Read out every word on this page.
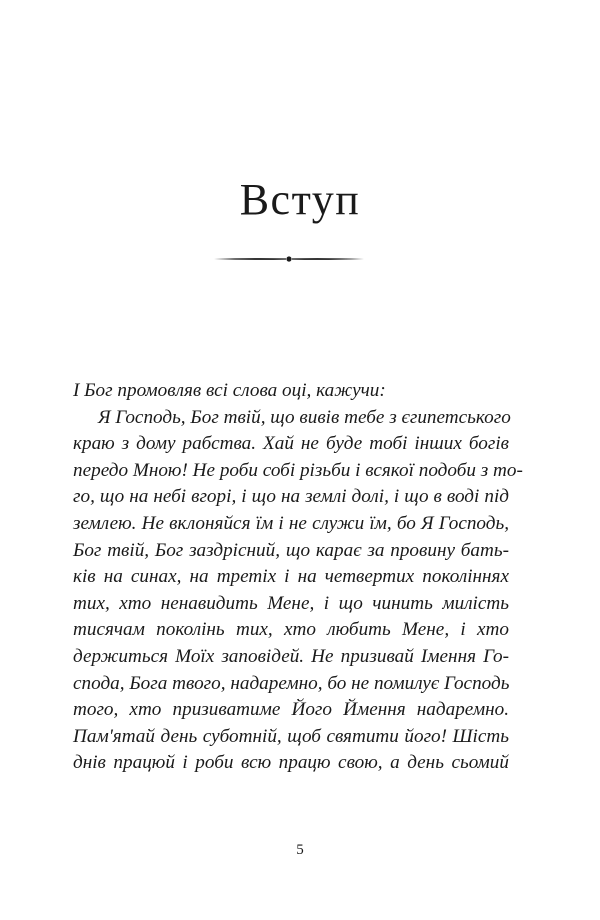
Вступ

І Бог промовляв всі слова оці, кажучи:

Я Господь, Бог твій, що вивів тебе з єгипетського
краю з дому рабства. Хай не буде тобі інших богів
передо Мною! Не роби собі різьби і всякої подоби з то-
го, що на небі вгорі, і що на землі долі, і що в воді під
землею. Не вклоняйся їм і не служи їм, бо Я Господь,
Бог твій, Бог заздрісний, що карає за провину бать-
ків на синах, на третіх і на четвертих поколіннях
тих, хто ненавидить Мене, і що чинить милість
тисячам поколінь тих, хто любить Мене, і хто
держиться Моїх заповідей. Не призивай Імення Го-
спода, Бога твого, надаремно, бо не помилує Господь
того, хто призиватиме Його Ймення надаремно.
Пам'ятай день суботній, щоб святити його! Шість
днів працюй і роби всю працю свою, а день сьомий

5
